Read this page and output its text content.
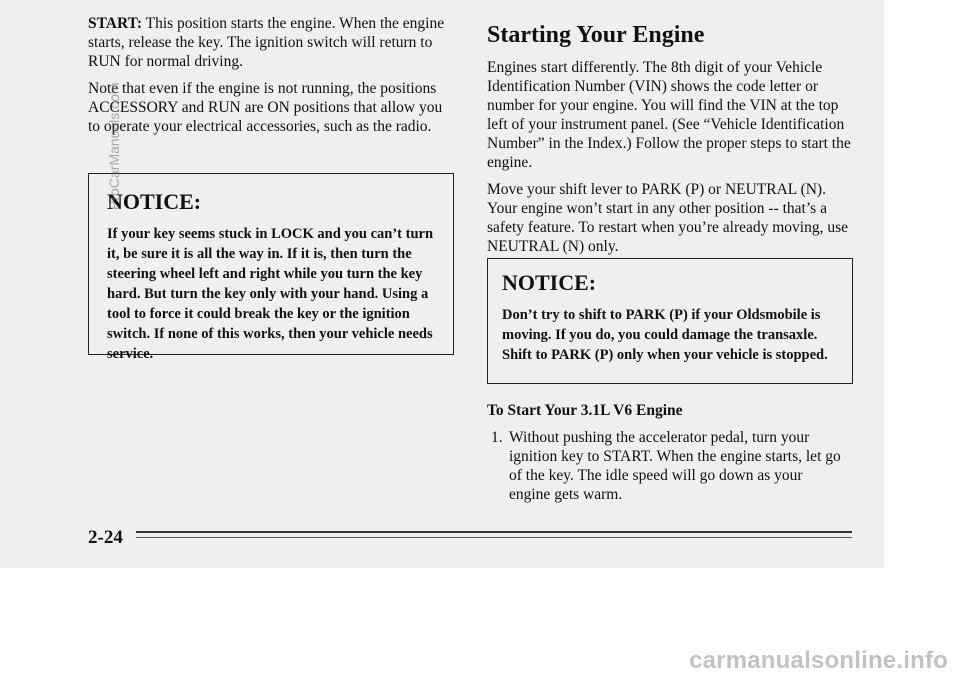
START: This position starts the engine. When the engine starts, release the key. The ignition switch will return to RUN for normal driving.

Note that even if the engine is not running, the positions ACCESSORY and RUN are ON positions that allow you to operate your electrical accessories, such as the radio.

NOTICE:
If your key seems stuck in LOCK and you can’t turn it, be sure it is all the way in. If it is, then turn the steering wheel left and right while you turn the key hard. But turn the key only with your hand. Using a tool to force it could break the key or the ignition switch. If none of this works, then your vehicle needs service.
Starting Your Engine

Engines start differently. The 8th digit of your Vehicle Identification Number (VIN) shows the code letter or number for your engine. You will find the VIN at the top left of your instrument panel. (See “Vehicle Identification Number” in the Index.) Follow the proper steps to start the engine.

Move your shift lever to PARK (P) or NEUTRAL (N). Your engine won’t start in any other position -- that’s a safety feature. To restart when you’re already moving, use NEUTRAL (N) only.

NOTICE:
Don’t try to shift to PARK (P) if your Oldsmobile is moving. If you do, you could damage the transaxle. Shift to PARK (P) only when your vehicle is stopped.
To Start Your 3.1L V6 Engine
1. Without pushing the accelerator pedal, turn your ignition key to START. When the engine starts, let go of the key. The idle speed will go down as your engine gets warm.
2-24
ProCarManuals.com
carmanualsonline.info
